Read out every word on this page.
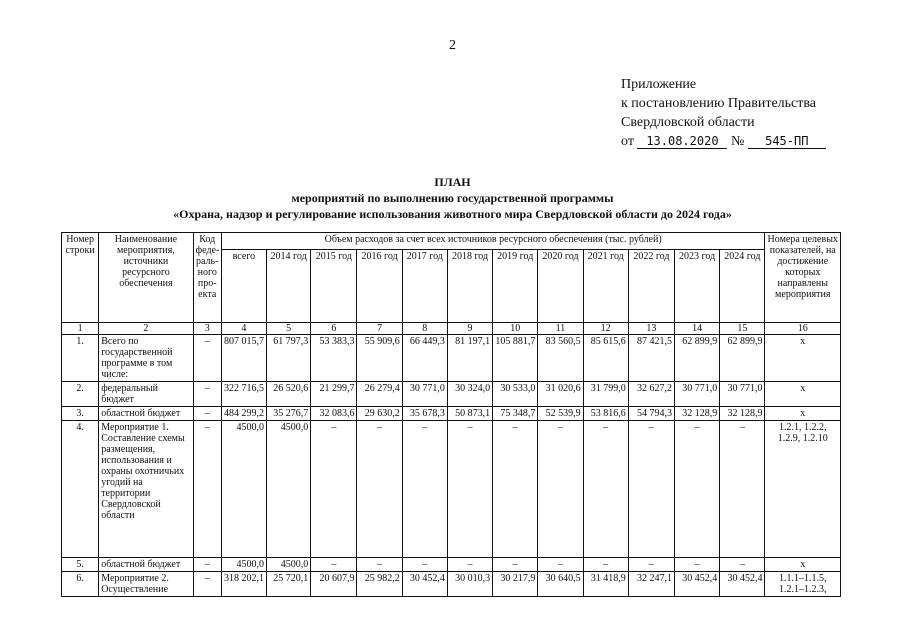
2
Приложение
к постановлению Правительства
Свердловской области
от 13.08.2020 № 545-ПП
ПЛАН
мероприятий по выполнению государственной программы
«Охрана, надзор и регулирование использования животного мира Свердловской области до 2024 года»
Номер строки	Наименование мероприятия, источники ресурсного обеспечения	Код феде-раль-ного про-екта	Объем расходов за счет всех источников ресурсного обеспечения (тыс. рублей)												Номера целевых показателей, на достижение которых направлены мероприятия
			всего	2014 год	2015 год	2016 год	2017 год	2018 год	2019 год	2020 год	2021 год	2022 год	2023 год	2024 год	
1	2	3	4	5	6	7	8	9	10	11	12	13	14	15	16
1.	Всего по государственной программе в том числе:	–	807 015,7	61 797,3	53 383,3	55 909,6	66 449,3	81 197,1	105 881,7	83 560,5	85 615,6	87 421,5	62 899,9	62 899,9	х
2.	федеральный бюджет	–	322 716,5	26 520,6	21 299,7	26 279,4	30 771,0	30 324,0	30 533,0	31 020,6	31 799,0	32 627,2	30 771,0	30 771,0	х
3.	областной бюджет	–	484 299,2	35 276,7	32 083,6	29 630,2	35 678,3	50 873,1	75 348,7	52 539,9	53 816,6	54 794,3	32 128,9	32 128,9	х
4.	Мероприятие 1. Составление схемы размещения, использования и охраны охотничьих угодий на территории Свердловской области	–	4500,0	4500,0	–	–	–	–	–	–	–	–	–	–	1.2.1, 1.2.2, 1.2.9, 1.2.10
5.	областной бюджет	–	4500,0	4500,0	–	–	–	–	–	–	–	–	–	–	х
6.	Мероприятие 2. Осуществление	–	318 202,1	25 720,1	20 607,9	25 982,2	30 452,4	30 010,3	30 217,9	30 640,5	31 418,9	32 247,1	30 452,4	30 452,4	1.1.1–1.1.5, 1.2.1–1.2.3,
